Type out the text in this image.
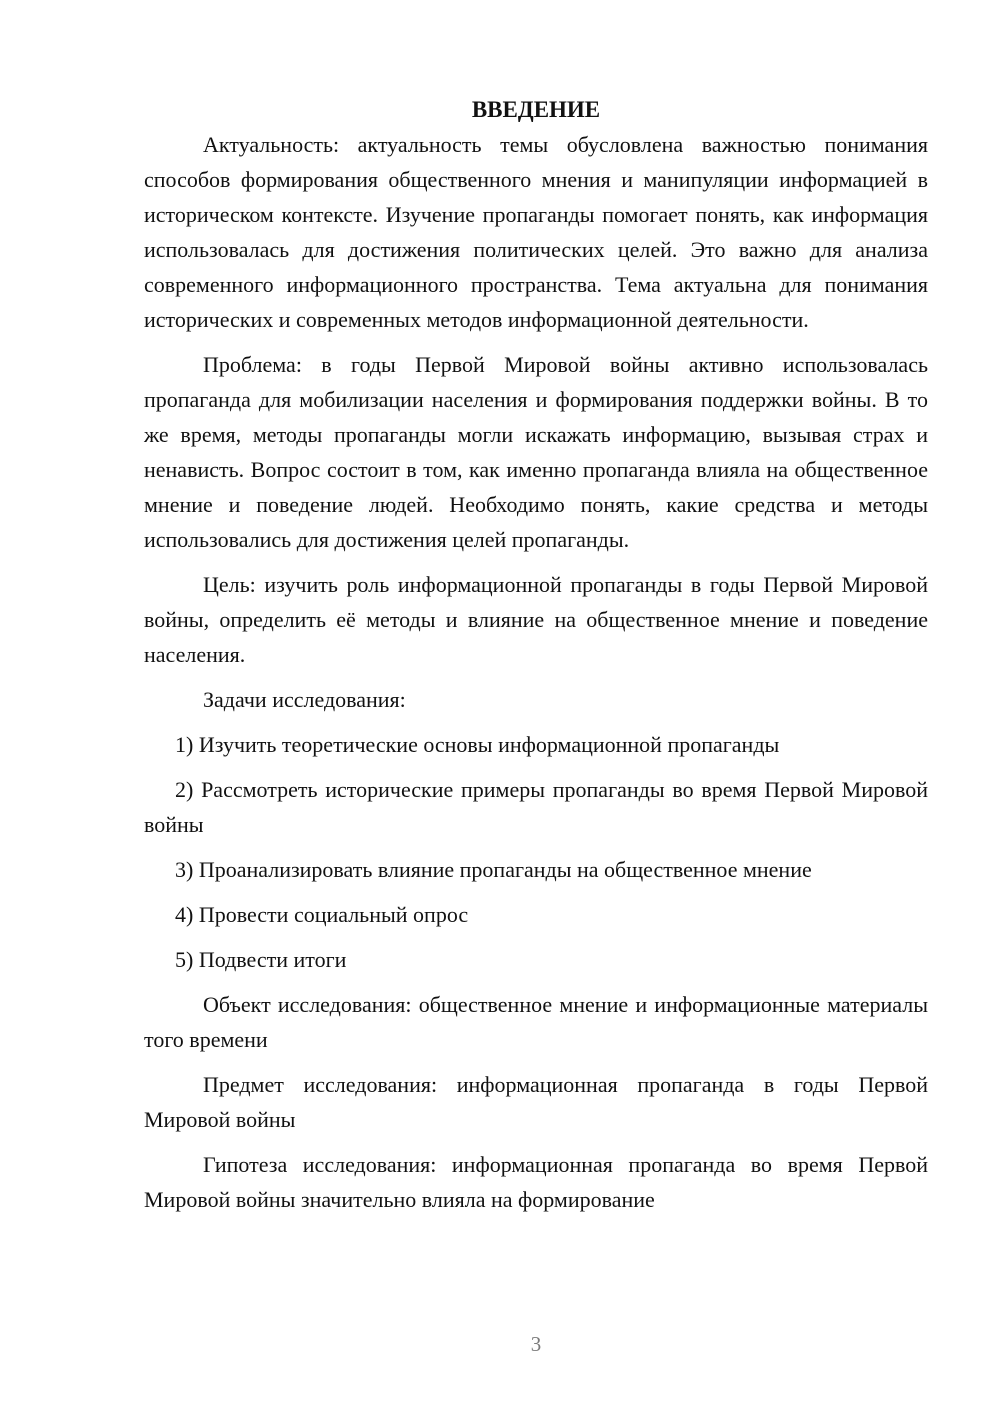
ВВЕДЕНИЕ

Актуальность: актуальность темы обусловлена важностью понимания способов формирования общественного мнения и манипуляции информацией в историческом контексте. Изучение пропаганды помогает понять, как информация использовалась для достижения политических целей. Это важно для анализа современного информационного пространства. Тема актуальна для понимания исторических и современных методов информационной деятельности.

Проблема: в годы Первой Мировой войны активно использовалась пропаганда для мобилизации населения и формирования поддержки войны. В то же время, методы пропаганды могли искажать информацию, вызывая страх и ненависть. Вопрос состоит в том, как именно пропаганда влияла на общественное мнение и поведение людей. Необходимо понять, какие средства и методы использовались для достижения целей пропаганды.

Цель: изучить роль информационной пропаганды в годы Первой Мировой войны, определить её методы и влияние на общественное мнение и поведение населения.

Задачи исследования:

1) Изучить теоретические основы информационной пропаганды

2) Рассмотреть исторические примеры пропаганды во время Первой Мировой войны

3) Проанализировать влияние пропаганды на общественное мнение

4) Провести социальный опрос

5) Подвести итоги

Объект исследования: общественное мнение и информационные материалы того времени

Предмет исследования: информационная пропаганда в годы Первой Мировой войны

Гипотеза исследования: информационная пропаганда во время Первой Мировой войны значительно влияла на формирование

3
